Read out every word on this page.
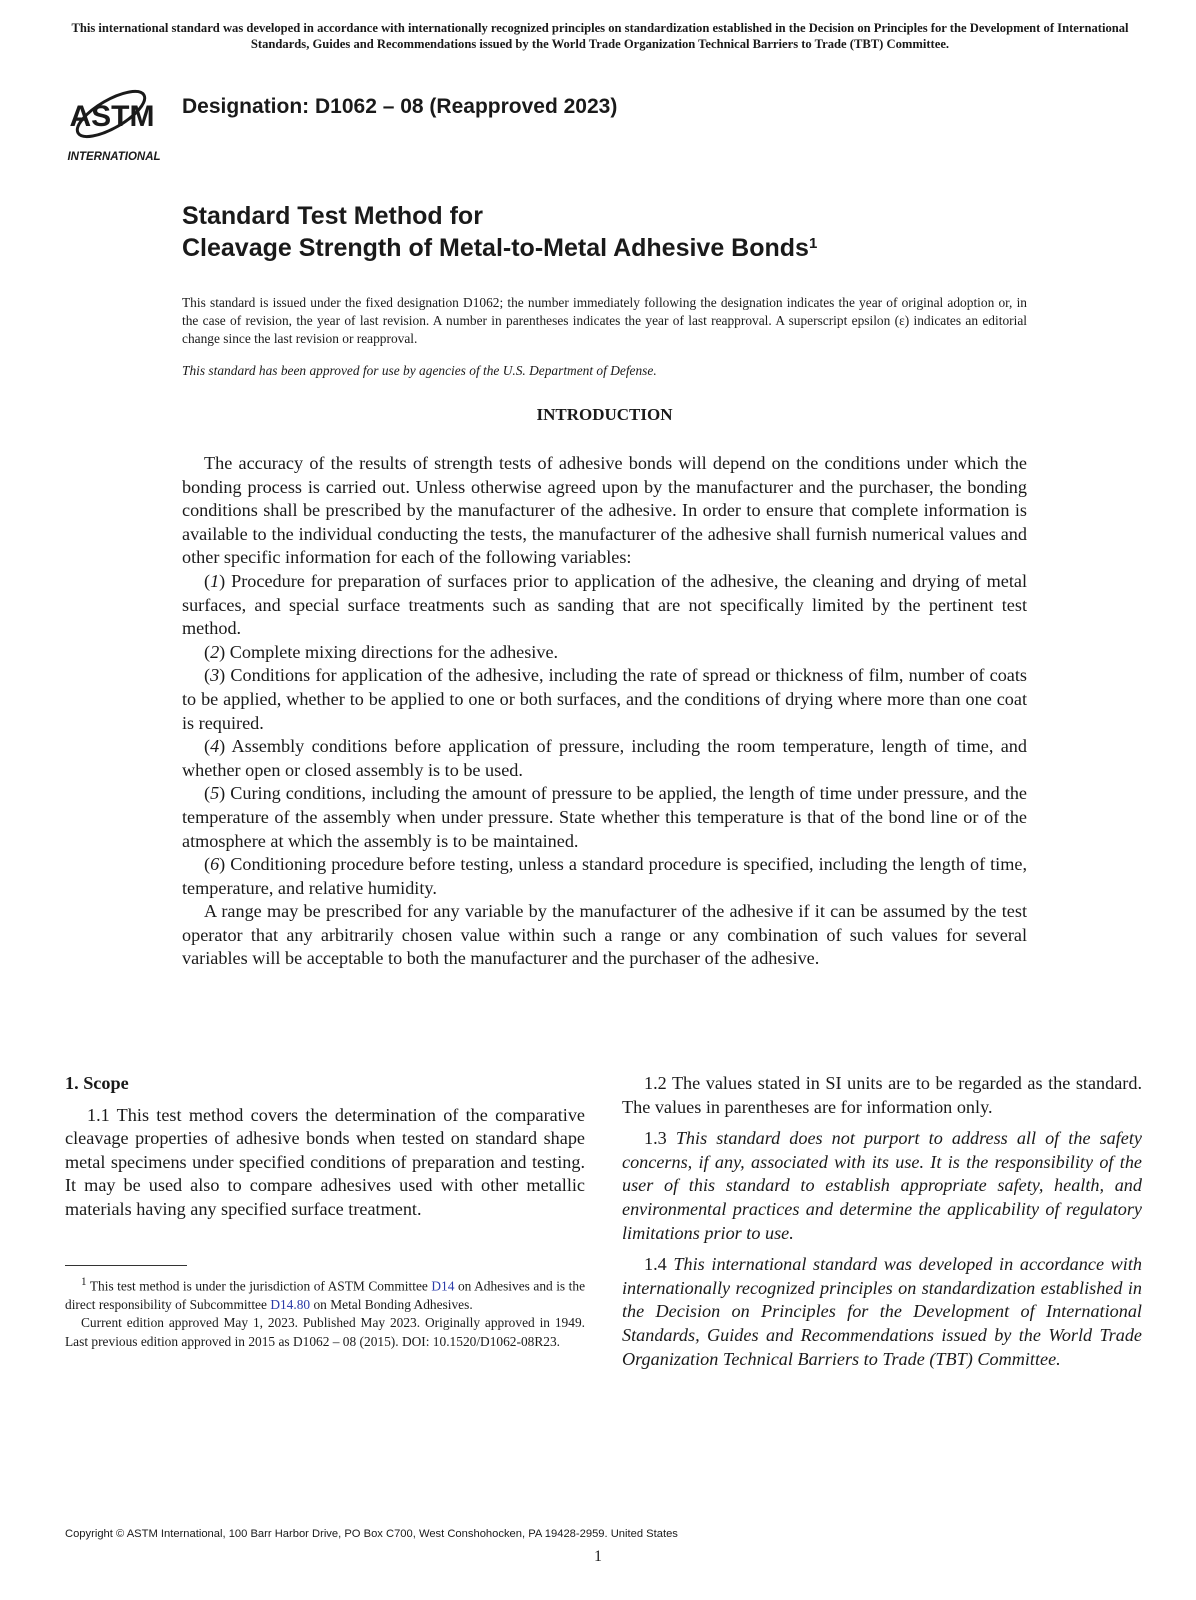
This international standard was developed in accordance with internationally recognized principles on standardization established in the Decision on Principles for the Development of International Standards, Guides and Recommendations issued by the World Trade Organization Technical Barriers to Trade (TBT) Committee.
ASTM
INTERNATIONAL
Designation: D1062 – 08 (Reapproved 2023)
Standard Test Method for
Cleavage Strength of Metal-to-Metal Adhesive Bonds$^1$
This standard is issued under the fixed designation D1062; the number immediately following the designation indicates the year of original adoption or, in the case of revision, the year of last revision. A number in parentheses indicates the year of last reapproval. A superscript epsilon (ε) indicates an editorial change since the last revision or reapproval.
This standard has been approved for use by agencies of the U.S. Department of Defense.
INTRODUCTION

The accuracy of the results of strength tests of adhesive bonds will depend on the conditions under which the bonding process is carried out. Unless otherwise agreed upon by the manufacturer and the purchaser, the bonding conditions shall be prescribed by the manufacturer of the adhesive. In order to ensure that complete information is available to the individual conducting the tests, the manufacturer of the adhesive shall furnish numerical values and other specific information for each of the following variables:

(1) Procedure for preparation of surfaces prior to application of the adhesive, the cleaning and drying of metal surfaces, and special surface treatments such as sanding that are not specifically limited by the pertinent test method.

(2) Complete mixing directions for the adhesive.

(3) Conditions for application of the adhesive, including the rate of spread or thickness of film, number of coats to be applied, whether to be applied to one or both surfaces, and the conditions of drying where more than one coat is required.

(4) Assembly conditions before application of pressure, including the room temperature, length of time, and whether open or closed assembly is to be used.

(5) Curing conditions, including the amount of pressure to be applied, the length of time under pressure, and the temperature of the assembly when under pressure. State whether this temperature is that of the bond line or of the atmosphere at which the assembly is to be maintained.

(6) Conditioning procedure before testing, unless a standard procedure is specified, including the length of time, temperature, and relative humidity.

A range may be prescribed for any variable by the manufacturer of the adhesive if it can be assumed by the test operator that any arbitrarily chosen value within such a range or any combination of such values for several variables will be acceptable to both the manufacturer and the purchaser of the adhesive.

1. Scope

1.1 This test method covers the determination of the comparative cleavage properties of adhesive bonds when tested on standard shape metal specimens under specified conditions of preparation and testing. It may be used also to compare adhesives used with other metallic materials having any specified surface treatment.

1.2 The values stated in SI units are to be regarded as the standard. The values in parentheses are for information only.

1.3 This standard does not purport to address all of the safety concerns, if any, associated with its use. It is the responsibility of the user of this standard to establish appropriate safety, health, and environmental practices and determine the applicability of regulatory limitations prior to use.

1.4 This international standard was developed in accordance with internationally recognized principles on standardization established in the Decision on Principles for the Development of International Standards, Guides and Recommendations issued by the World Trade Organization Technical Barriers to Trade (TBT) Committee.

$^1$ This test method is under the jurisdiction of ASTM Committee D14 on Adhesives and is the direct responsibility of Subcommittee D14.80 on Metal Bonding Adhesives.

Current edition approved May 1, 2023. Published May 2023. Originally approved in 1949. Last previous edition approved in 2015 as D1062 – 08 (2015). DOI: 10.1520/D1062-08R23.

Copyright © ASTM International, 100 Barr Harbor Drive, PO Box C700, West Conshohocken, PA 19428-2959. United States
1
